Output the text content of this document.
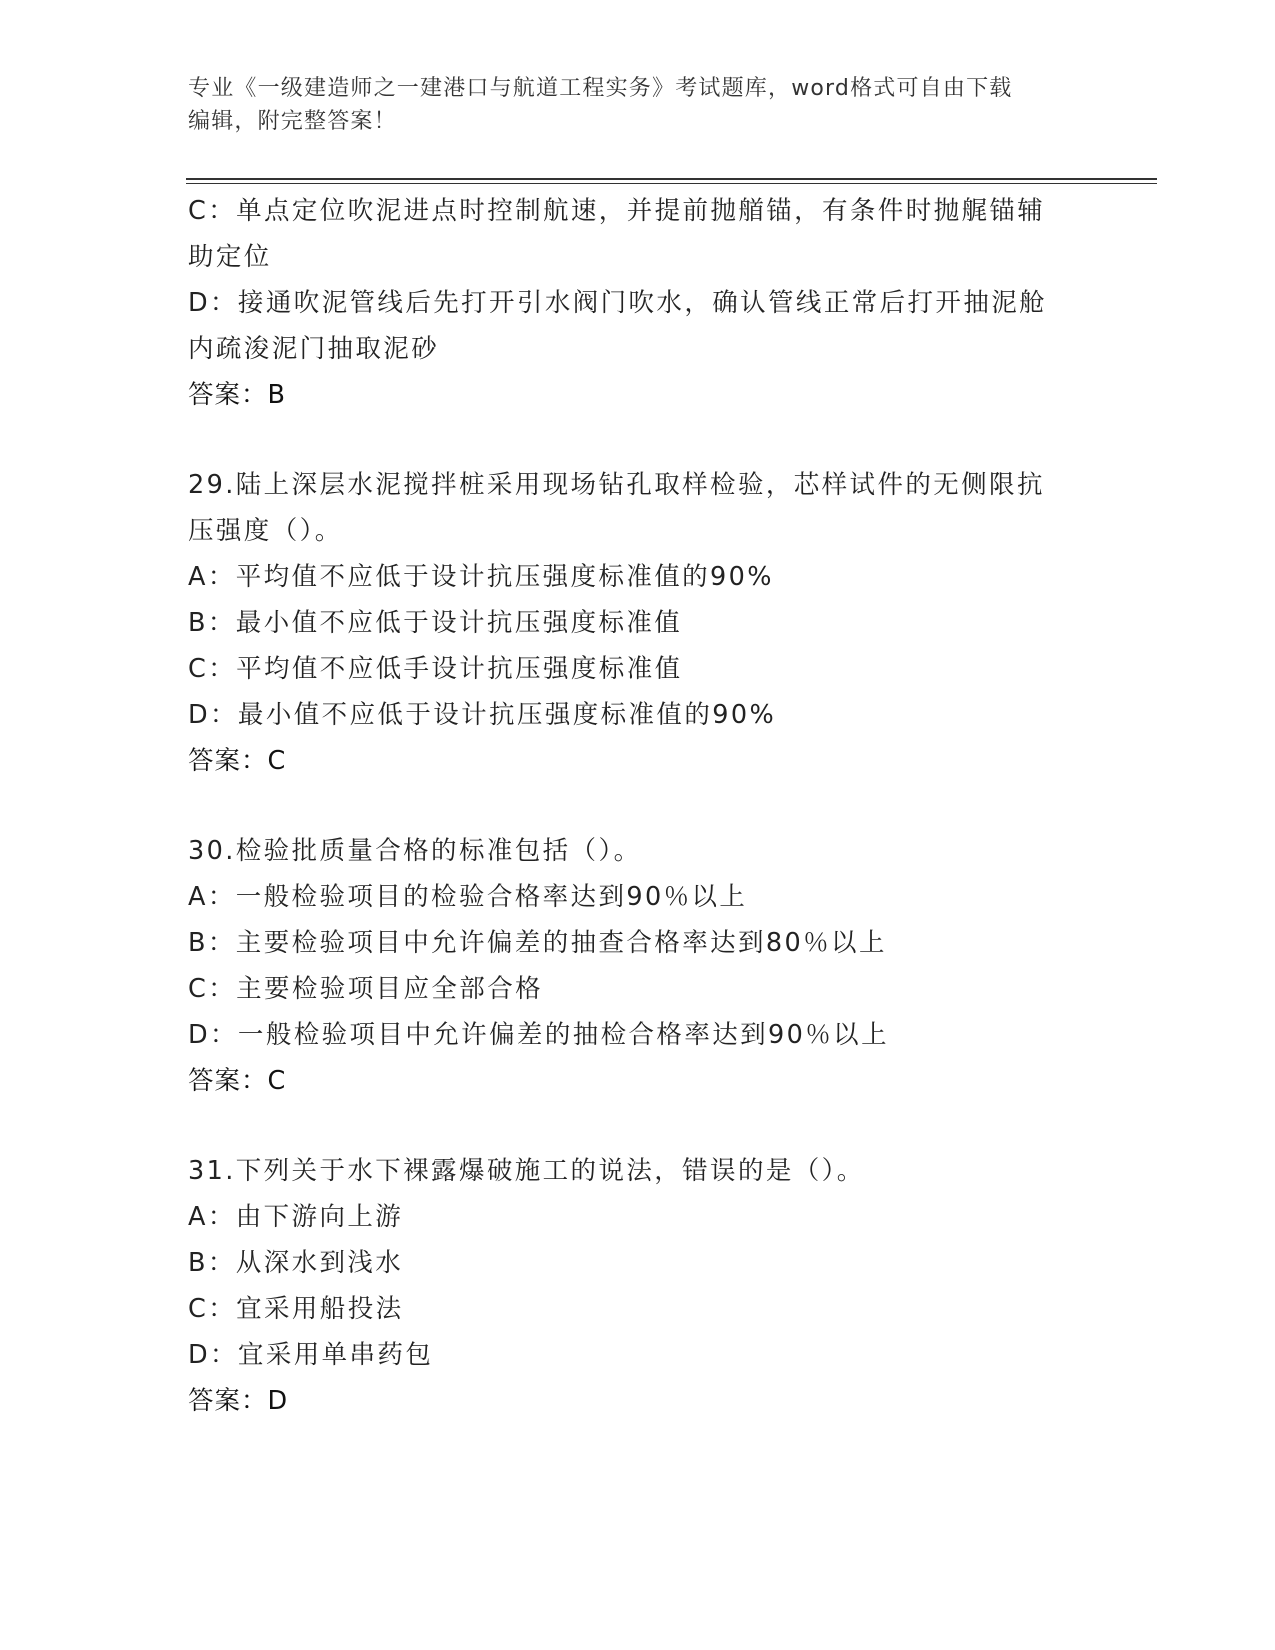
专业《一级建造师之一建港口与航道工程实务》考试题库，word格式可自由下载
编辑，附完整答案！
C：单点定位吹泥进点时控制航速，并提前抛艏锚，有条件时抛艉锚辅
助定位
D：接通吹泥管线后先打开引水阀门吹水，确认管线正常后打开抽泥舱
内疏浚泥门抽取泥砂
答案：B
29.陆上深层水泥搅拌桩采用现场钻孔取样检验，芯样试件的无侧限抗
压强度（）。
A：平均值不应低于设计抗压强度标准值的90%
B：最小值不应低于设计抗压强度标准值
C：平均值不应低手设计抗压强度标准值
D：最小值不应低于设计抗压强度标准值的90%
答案：C
30.检验批质量合格的标准包括（）。
A：一般检验项目的检验合格率达到90％以上
B：主要检验项目中允许偏差的抽查合格率达到80％以上
C：主要检验项目应全部合格
D：一般检验项目中允许偏差的抽检合格率达到90％以上
答案：C
31.下列关于水下裸露爆破施工的说法，错误的是（）。
A：由下游向上游
B：从深水到浅水
C：宜采用船投法
D：宜采用单串药包
答案：D
